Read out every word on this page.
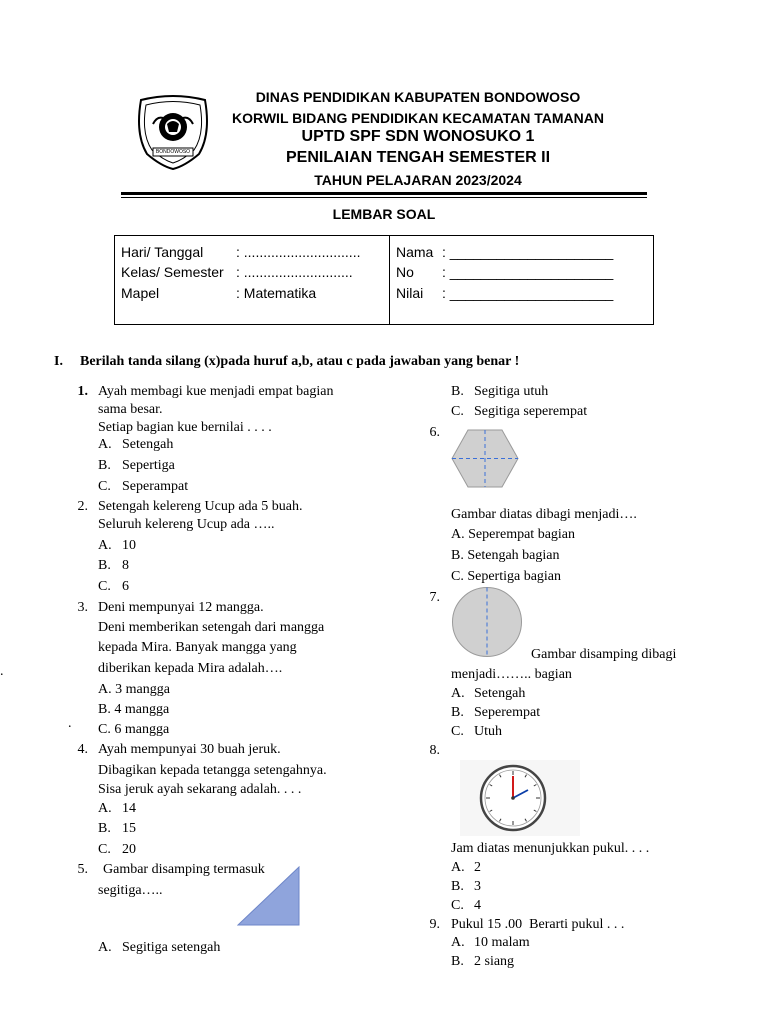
BONDOWOSO
DINAS PENDIDIKAN KABUPATEN BONDOWOSO
KORWIL BIDANG PENDIDIKAN KECAMATAN TAMANAN
UPTD SPF SDN WONOSUKO 1
PENILAIAN TENGAH SEMESTER II
TAHUN PELAJARAN 2023/2024
LEMBAR SOAL
Hari/ Tanggal : ..............................
Kelas/ Semester : ............................
Mapel	: Matematika
Nama : _____________________
No : _____________________
Nilai : _____________________
I. Berilah tanda silang (x)pada huruf a,b, atau c pada jawaban yang benar !
.
.
1. Ayah membagi kue menjadi empat bagian
sama besar.
Setiap bagian kue bernilai . . . .
A. Setengah
B. Sepertiga
C. Seperampat
2. Setengah kelereng Ucup ada 5 buah.
Seluruh kelereng Ucup ada …..
A. 10
B. 8
C. 6
3. Deni mempunyai 12 mangga.
Deni memberikan setengah dari mangga
kepada Mira. Banyak mangga yang
diberikan kepada Mira adalah….
A. 3 mangga
B. 4 mangga
C. 6 mangga
4. Ayah mempunyai 30 buah jeruk.
Dibagikan kepada tetangga setengahnya.
Sisa jeruk ayah sekarang adalah. . . .
A. 14
B. 15
C. 20
5. Gambar disamping termasuk
segitiga…..
A. Segitiga setengah
B. Segitiga utuh
C. Segitiga seperempat
6.
Gambar diatas dibagi menjadi….
A. Seperempat bagian
B. Setengah bagian
C. Sepertiga bagian
7.
Gambar disamping dibagi
menjadi…….. bagian
A. Setengah
B. Seperempat
C. Utuh
8.
Jam diatas menunjukkan pukul. . . .
A. 2
B. 3
C. 4
9. Pukul 15 .00  Berarti pukul . . .
A. 10 malam
B. 2 siang
